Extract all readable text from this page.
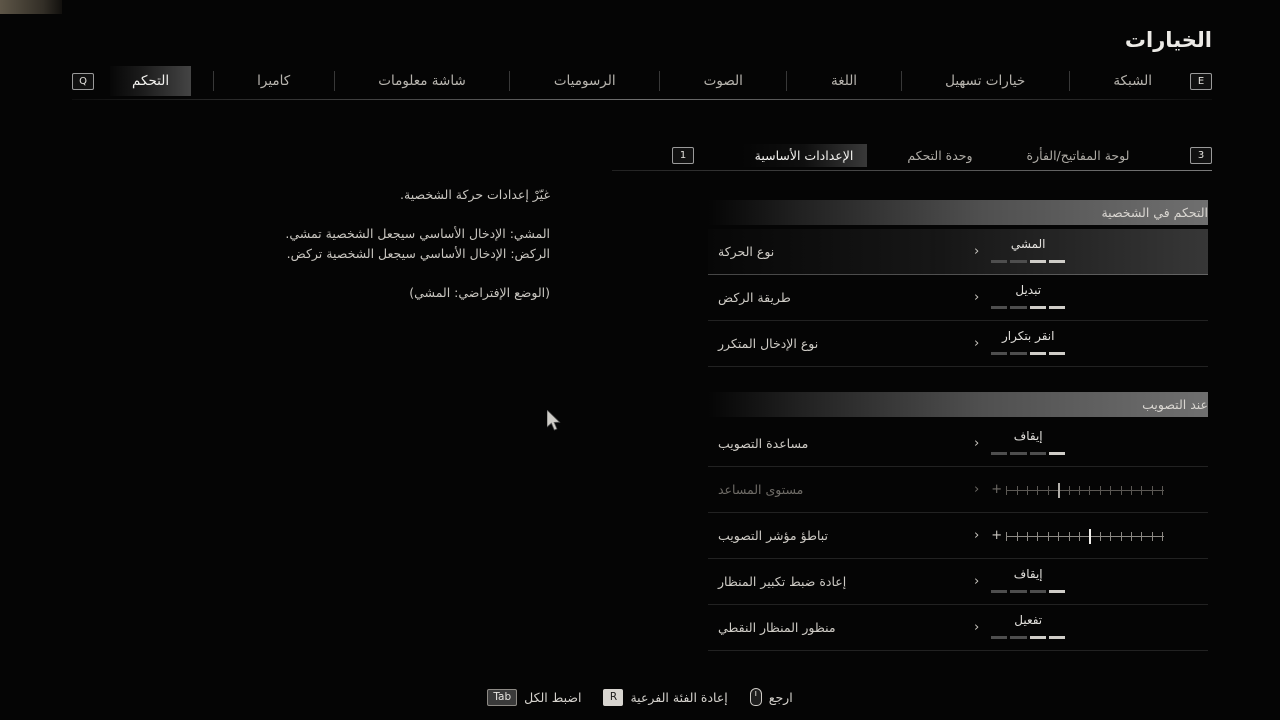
الخيارات
Q	التحكم	كاميرا	شاشة معلومات	الرسوميات	الصوت	اللغة	خيارات تسهيل	الشبكة	E
1	الإعدادات الأساسية	وحدة التحكم	لوحة المفاتيح/الفأرة	3
غيّرْ إعدادات حركة الشخصية.
المشي: الإدخال الأساسي سيجعل الشخصية تمشي.
الركض: الإدخال الأساسي سيجعل الشخصية تركض.
(الوضع الإفتراضي: المشي)
التحكم في الشخصية
نوع الحركة	›
المشي
طريقة الركض	›
تبديل
نوع الإدخال المتكرر	›
انقر بتكرار
عند التصويب
مساعدة التصويب	›
إيقاف
مستوى المساعد	› +
تباطؤ مؤشر التصويب	› +
إعادة ضبط تكبير المنظار	›
إيقاف
منظور المنظار النقطي	›
تفعيل
Tab	اضبط الكل	R	إعادة الفئة الفرعية	ارجع
